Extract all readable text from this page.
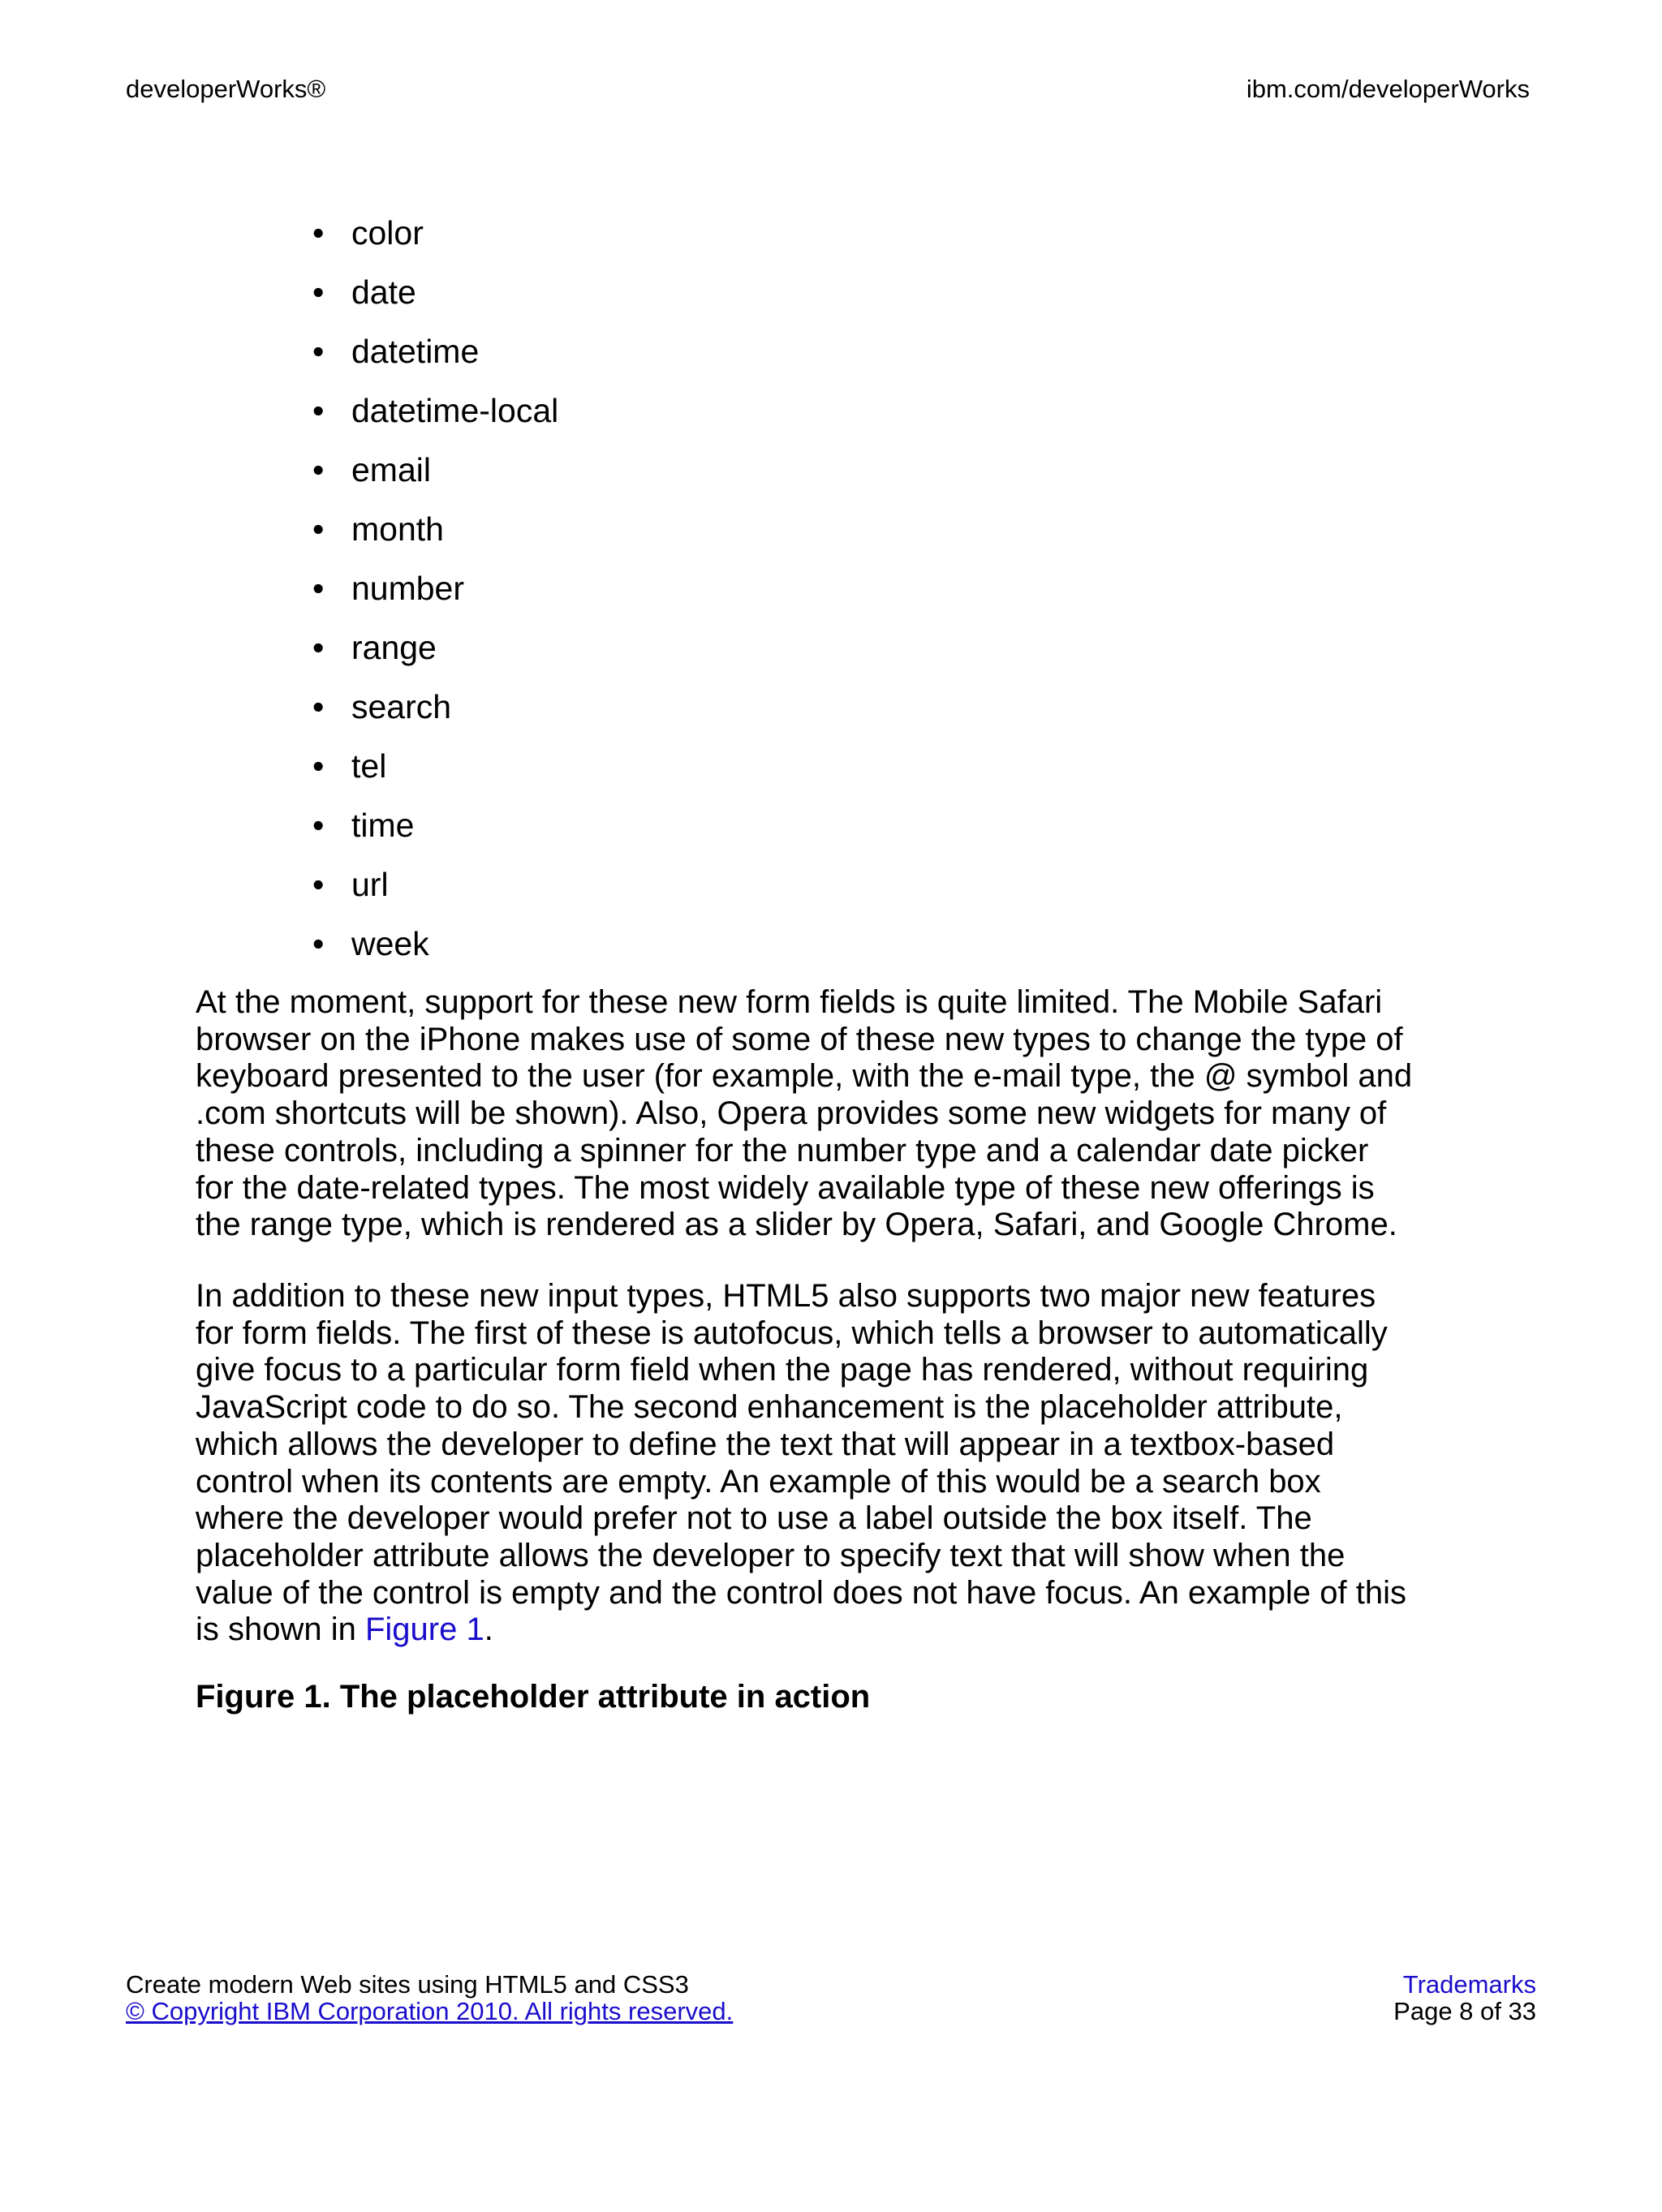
developerWorks®	ibm.com/developerWorks
• color
• date
• datetime
• datetime-local
• email
• month
• number
• range
• search
• tel
• time
• url
• week

At the moment, support for these new form fields is quite limited. The Mobile Safari
browser on the iPhone makes use of some of these new types to change the type of
keyboard presented to the user (for example, with the e-mail type, the @ symbol and
.com shortcuts will be shown). Also, Opera provides some new widgets for many of
these controls, including a spinner for the number type and a calendar date picker
for the date-related types. The most widely available type of these new offerings is
the range type, which is rendered as a slider by Opera, Safari, and Google Chrome.

In addition to these new input types, HTML5 also supports two major new features
for form fields. The first of these is autofocus, which tells a browser to automatically
give focus to a particular form field when the page has rendered, without requiring
JavaScript code to do so. The second enhancement is the placeholder attribute,
which allows the developer to define the text that will appear in a textbox-based
control when its contents are empty. An example of this would be a search box
where the developer would prefer not to use a label outside the box itself. The
placeholder attribute allows the developer to specify text that will show when the
value of the control is empty and the control does not have focus. An example of this
is shown in Figure 1.

Figure 1. The placeholder attribute in action

Create modern Web sites using HTML5 and CSS3
© Copyright IBM Corporation 2010. All rights reserved.
Trademarks
Page 8 of 33
